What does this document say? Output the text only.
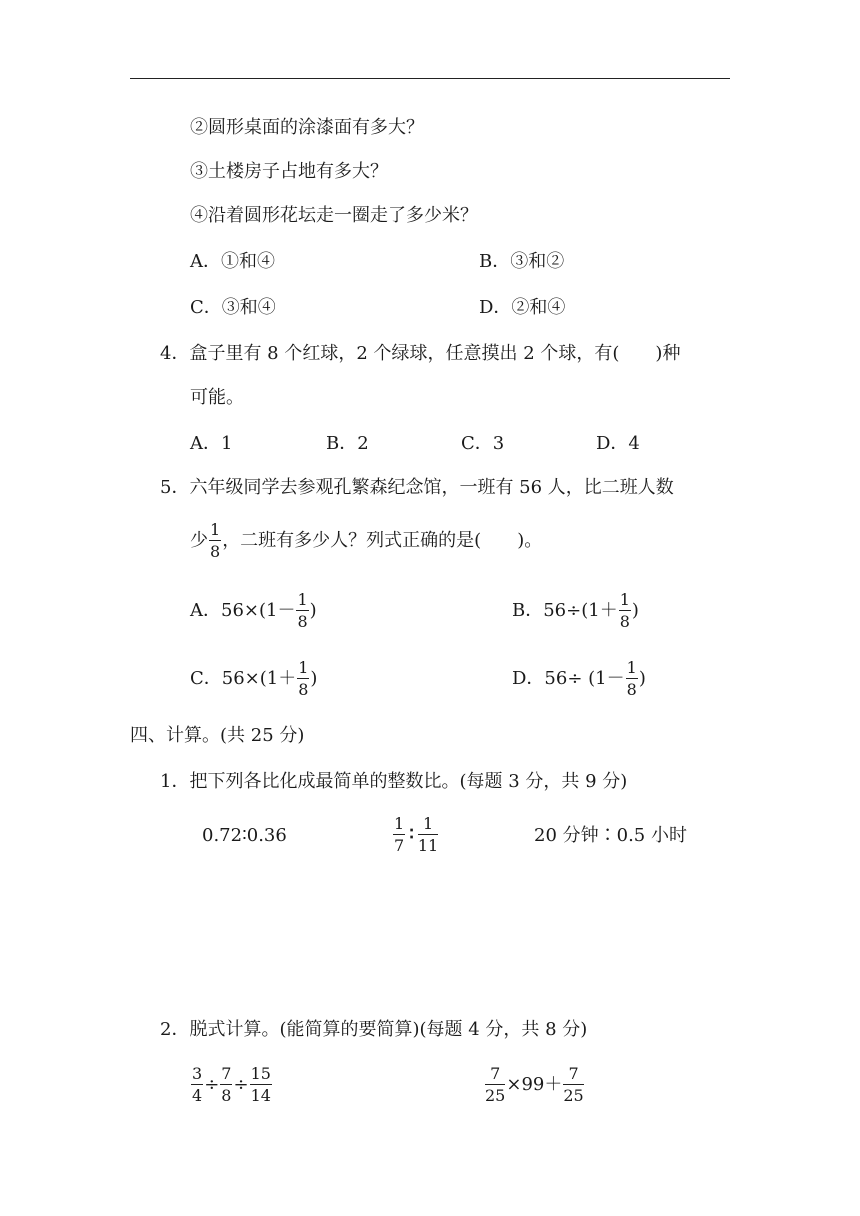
②圆形桌面的涂漆面有多大？
③土楼房子占地有多大？
④沿着圆形花坛走一圈走了多少米？
A．①和④	B．③和②
C．③和④	D．②和④
4．盒子里有 8 个红球，2 个绿球，任意摸出 2 个球，有(　　)种
可能。
A．1	B．2	C．3	D．4
5．六年级同学去参观孔繁森纪念馆，一班有 56 人，比二班人数
少 $\frac{1}{8}$ ，二班有多少人？列式正确的是(　　)。
A．$56\times(1- \frac{1}{8}$ )	B．$56\div(1+ \frac{1}{8}$ )
C．$56\times(1+ \frac{1}{8}$ )	D．$56\div (1- \frac{1}{8}$ )
四、计算。(共 25 分)
1．把下列各比化成最简单的整数比。(每题 3 分，共 9 分)
0.72∶0.36	$\frac{1}{7}$ ∶ $\frac{1}{11}$	20 分钟∶0.5 小时
2．脱式计算。(能简算的要简算)(每题 4 分，共 8 分)
$\frac{3}{4} \div \frac{7}{8} \div \frac{15}{14}$	$\frac{7}{25} \times 99+ \frac{7}{25}$
